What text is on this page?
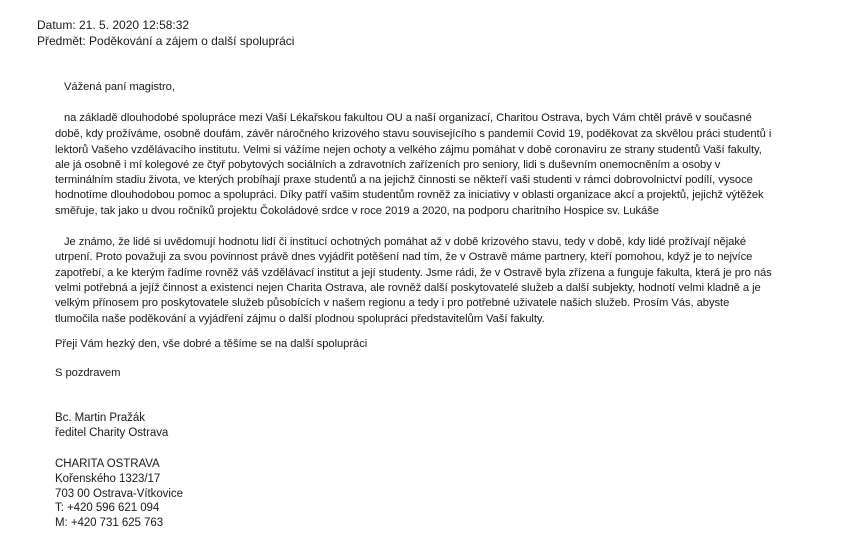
Datum: 21. 5. 2020 12:58:32
Předmět: Poděkování a zájem o další spolupráci
Vážená paní magistro,
na základě dlouhodobé spolupráce mezi Vaší Lékařskou fakultou OU a naší organizací, Charitou Ostrava, bych Vám chtěl právě v současné
době, kdy prožíváme, osobně doufám, závěr náročného krizového stavu souvisejícího s pandemií Covid 19, poděkovat za skvělou práci studentů i
lektorů Vašeho vzdělávacího institutu. Velmi si vážíme nejen ochoty a velkého zájmu pomáhat v době coronaviru ze strany studentů Vaší fakulty,
ale já osobně i mí kolegové ze čtyř pobytových sociálních a zdravotních zařízeních pro seniory, lidi s duševním onemocněním a osoby v
terminálním stadiu života, ve kterých probíhají praxe studentů a na jejichž činnosti se někteří vaši studenti v rámci dobrovolnictví podílí, vysoce
hodnotíme dlouhodobou pomoc a spolupráci. Díky patří vašim studentům rovněž za iniciativy v oblasti organizace akcí a projektů, jejichž výtěžek
směřuje, tak jako u dvou ročníků projektu Čokoládové srdce v roce 2019 a 2020, na podporu charitního Hospice sv. Lukáše
Je známo, že lidé si uvědomují hodnotu lidí či institucí ochotných pomáhat až v době krizového stavu, tedy v době, kdy lidé prožívají nějaké
utrpení. Proto považuji za svou povinnost právě dnes vyjádřit potěšení nad tím, že v Ostravě máme partnery, kteří pomohou, když je to nejvíce
zapotřebí, a ke kterým řadíme rovněž váš vzdělávací institut a její studenty. Jsme rádi, že v Ostravě byla zřízena a funguje fakulta, která je pro nás
velmi potřebná a jejíž činnost a existenci nejen Charita Ostrava, ale rovněž další poskytovatelé služeb a další subjekty, hodnotí velmi kladně a je
velkým přínosem pro poskytovatele služeb působících v našem regionu a tedy i pro potřebné uživatele našich služeb. Prosím Vás, abyste
tlumočila naše poděkování a vyjádření zájmu o další plodnou spolupráci představitelům Vaší fakulty.
Přeji Vám hezký den, vše dobré a těšíme se na další spolupráci
S pozdravem
Bc. Martin Pražák
ředitel Charity Ostrava
CHARITA OSTRAVA
Kořenského 1323/17
703 00 Ostrava-Vítkovice
T: +420 596 621 094
M: +420 731 625 763
